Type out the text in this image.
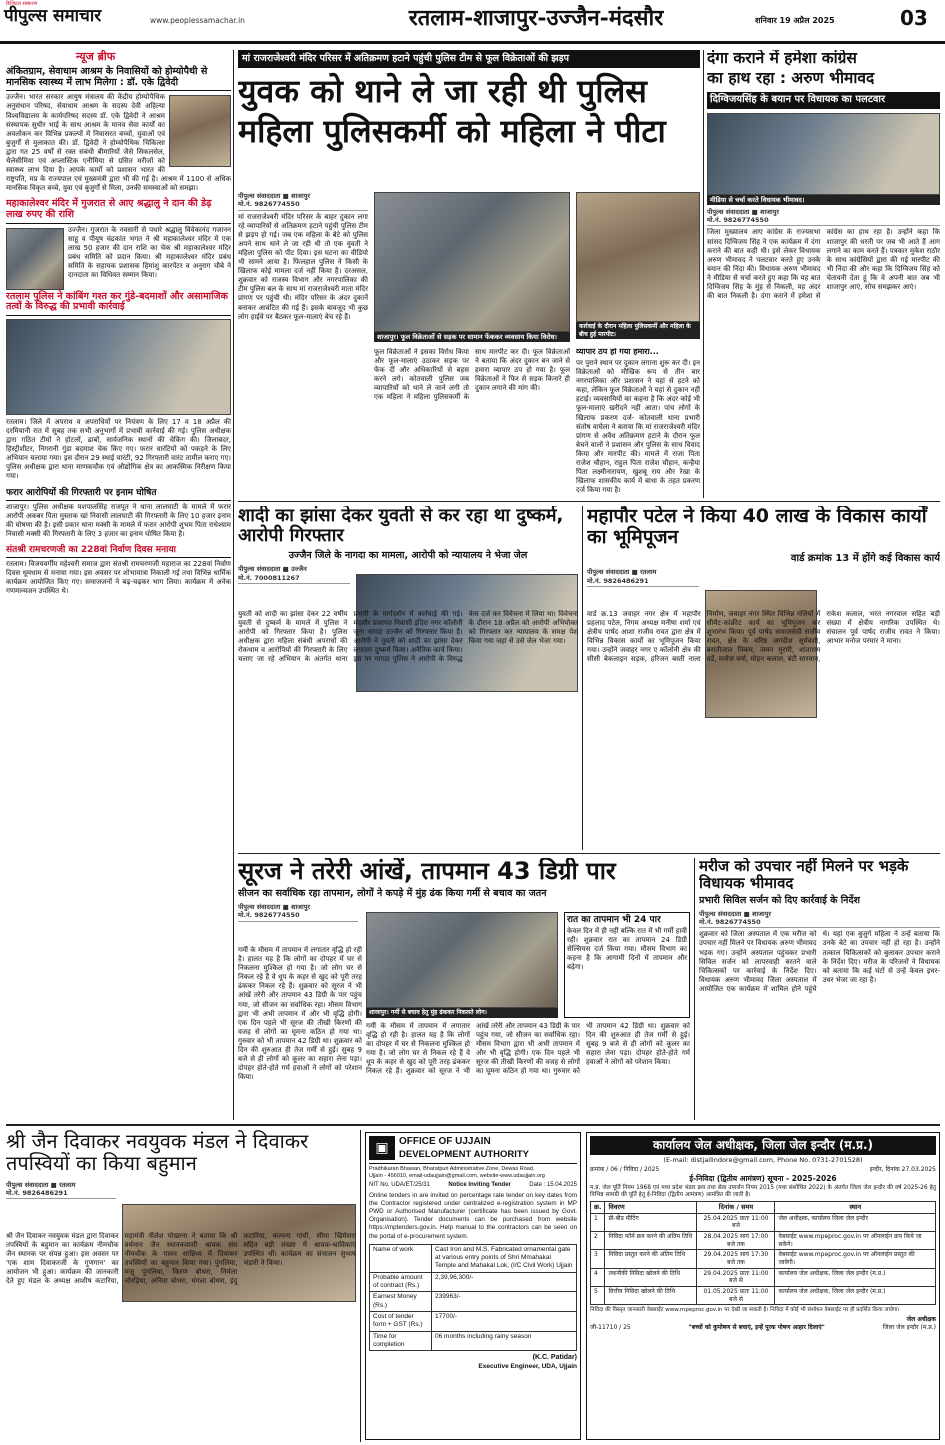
पीपुल्स समाचार
डिजिटल संस्करण
www.peoplessamachar.in	रतलाम-शाजापुर-उज्जैन-मंदसौर	शनिवार 19 अप्रैल 2025	03
न्यूज ब्रीफ
अंकितग्राम, सेवाधाम आश्रम के निवासियों को होम्योपैथी से मानसिक स्वास्थ्य में लाभ मिलेगा : डॉ. एके द्विवेदी
उज्जैन। भारत सरकार आयुष मंत्रालय की केंद्रीय होम्योपैथिक अनुसंधान परिषद, सेवाधाम आश्रम के सदस्य देवी अहिल्या विश्वविद्यालय के कार्यपरिषद सदस्य डॉ. एके द्विवेदी ने आश्रम संस्थापक सुधीर भाई के साथ आश्रम के मानव सेवा कार्यों का अवलोकन कर विभिन्न प्रकल्पों में निवासरत बच्चों, युवाओं एवं बुजुर्गों से मुलाकात की। डॉ. द्विवेदी ने होम्योपैथिक चिकित्सा द्वारा गत 25 वर्षों से रक्त संबंधी बीमारियों जैसे सिकलसेल, थैलेसीमिया एवं अप्लास्टिक एनीमिया से ग्रसित मरीजों को स्वास्थ्य लाभ दिया है। आपके कार्यों को प्रशासन भारत की राष्ट्रपति, मप्र के राज्यपाल एवं मुख्यमंत्री द्वारा भी की गई है। आश्रम में 1100 से अधिक मानसिक विकृत बच्चे, युवा एवं बुजुर्गों से मिला, उनकी समस्याओं को समझा।
महाकालेश्वर मंदिर में गुजरात से आए श्रद्धालु ने दान की डेढ़ लाख रुपए की राशि
उज्जैन। गुजरात के नवसारी से पधारे श्रद्धालु विवेकानंद गजानन साहू व पीयूष चंद्रकांत भगत ने श्री महाकालेश्वर मंदिर में एक लाख 50 हजार की दान राशि का चेक श्री महाकालेश्वर मंदिर प्रबंध समिति को प्रदान किया। श्री महाकालेश्वर मंदिर प्रबंध समिति के सहायक प्रशासक हिमांशु कारपेंटर व अनुराग चौबे ने दानदाता का विधिवत सम्मान किया।
रतलाम पुलिस ने कांबिंग गश्त कर गुंडे-बदमाशों और असामाजिक तत्वों के विरुद्ध की प्रभावी कार्रवाई
रतलाम। जिले में अपराध व अपराधियों पर नियंत्रण के लिए 17 व 18 अप्रैल की दरमियानी रात में सुबह तक सभी अनुभागों में प्रभावी कार्रवाई की गई। पुलिस अधीक्षक द्वारा गठित टीमों ने होटलों, ढाबों, सार्वजनिक स्थानों की चेकिंग की। जिलाबदर, हिस्ट्रीशीटर, निगरानी गुंडा बदमाश चेक किए गए। फरार वारंटियों को पकड़ने के लिए अभियान चलाया गया। इस दौरान 29 स्थाई वारंटी, 92 गिरफ्तारी वारंट तामील कराए गए। पुलिस अधीक्षक द्वारा थाना माणकचौक एवं औद्योगिक क्षेत्र का आकस्मिक निरीक्षण किया गया।
फरार आरोपियों की गिरफ्तारी पर इनाम घोषित
शाजापुर। पुलिस अधीक्षक यशपालसिंह राजपूत ने थाना लालघाटी के मामले में फरार आरोपी अकबर पिता मुस्ताक खां निवासी लालघाटी की गिरफ्तारी के लिए 10 हजार इनाम की घोषणा की है। इसी प्रकार थाना मक्सी के मामले में फरार आरोपी शुभम पिता राधेश्याम निवासी मक्सी की गिरफ्तारी के लिए 3 हजार का इनाम घोषित किया है।
संतश्री रामचरणजी का 228वां निर्वाण दिवस मनाया
रतलाम। विजयवर्गीय महेश्वरी समाज द्वारा संतश्री रामचरणजी महाराज का 228वां निर्वाण दिवस धूमधाम से मनाया गया। इस अवसर पर शोभायात्रा निकाली गई तथा विभिन्न धार्मिक कार्यक्रम आयोजित किए गए। समाजजनों ने बढ़-चढ़कर भाग लिया। कार्यक्रम में अनेक गणमान्यजन उपस्थित थे।
मां राजराजेश्वरी मंदिर परिसर में अतिक्रमण हटाने पहुंची पुलिस टीम से फूल विक्रेताओं की झड़प
युवक को थाने ले जा रही थी पुलिस
महिला पुलिसकर्मी को महिला ने पीटा
पीपुल्स संवाददाता ■ शाजापुर
मो.नं. 9826774550
मां राजराजेश्वरी मंदिर परिसर के बाहर दुकान लगा रहे व्यापारियों से अतिक्रमण हटाने पहुंची पुलिस टीम से झड़प हो गई। जब एक महिला के बेटे को पुलिस अपने साथ थाने ले जा रही थी तो एक युवती ने महिला पुलिस को पीट दिया। इस घटना का वीडियो भी सामने आया है। फिलहाल पुलिस ने किसी के खिलाफ कोई मामला दर्ज नहीं किया है। दरअसल, शुक्रवार को राजस्व विभाग और नगरपालिका की टीम पुलिस बल के साथ मां राजराजेश्वरी माता मंदिर प्रांगण पर पहुंची थी। मंदिर परिसर के अंदर दुकानें बनाकर आवंटित की गई हैं। इसके बावजूद भी कुछ लोग हाईवे पर बैठकर फूल-मालाएं बेच रहे हैं।
शाजापुर। फूल विक्रेताओं से सड़क पर सामान फेंककर व्यवसाय किया विरोध।
फूल विक्रेताओं ने इसका विरोध किया और फूल-मालाएं उठाकर सड़क पर फेंक दीं और अधिकारियों से बहस करने लगे। कोतवाली पुलिस जब व्यापारियों को थाने ले जाने लगी तो एक महिला ने महिला पुलिसकर्मी के साथ मारपीट कर दी। फूल विक्रेताओं ने बताया कि अंदर दुकान बन जाने से हमारा व्यापार ठप हो गया है। फूल विक्रेताओं ने फिर से सड़क किनारे ही दुकान लगाने की मांग की।
कार्रवाई के दौरान महिला पुलिसकर्मी और महिला के बीच हुई मारपीट।
व्यापार ठप हो गया हमारा...
पर पुराने स्थान पर दुकान लगाना शुरू कर दी। इन विक्रेताओं को मौखिक रूप से तीन बार नगरपालिका और प्रशासन ने यहां से हटने को कहा, लेकिन फूल विक्रेताओं ने यहां से दुकान नहीं हटाई। व्यवसायियों का कहना है कि अंदर कोई भी फूल-मालाएं खरीदने नहीं आता। पांच लोगों के खिलाफ प्रकरण दर्ज- कोतवाली थाना प्रभारी संतोष वाघेला ने बताया कि मां राजराजेश्वरी मंदिर प्रांगण से अवैध अतिक्रमण हटाने के दौरान फूल बेचने वालों ने प्रशासन और पुलिस के साथ विवाद किया और मारपीट की। मामले में राजा पिता राजेश चौहान, राहुल पिता राजेश चौहान, कन्हैया पिता लक्ष्मीनारायण, खुशबू राय और रेखा के खिलाफ शासकीय कार्य में बाधा के तहत प्रकरण दर्ज किया गया है।
दंगा कराने में हमेशा कांग्रेस
का हाथ रहा : अरुण भीमावद
दिग्विजयसिंह के बयान पर विधायक का पलटवार
मीडिया से चर्चा करते विधायक भीमावद।
पीपुल्स संवाददाता ■ शाजापुर
मो.नं. 9826774550
जिला मुख्यालय आए कांग्रेस के राज्यसभा सांसद दिग्विजय सिंह ने एक कार्यक्रम में दंगा कराने की बात कही थी। इसे लेकर विधायक अरुण भीमावद ने पलटवार करते हुए उनके बयान की निंदा की। विधायक अरुण भीमावद ने मीडिया से चर्चा करते हुए कहा कि यह बात दिग्विजय सिंह के मुंह से निकली, यह अंदर की बात निकली है। दंगा कराने में हमेशा से कांग्रेस का हाथ रहा है। उन्होंने कहा कि शाजापुर की धरती पर जब भी आते हैं आग लगाने का काम करते हैं। पत्रकार मुकेश राठौर के साथ कांग्रेसियों द्वारा की गई मारपीट की भी निंदा की और कहा कि दिग्विजय सिंह को चेतावनी देता हूं कि वे अपनी बात जब भी शाजापुर आएं, सोच समझकर आएं।
शादी का झांसा देकर युवती से कर रहा था दुष्कर्म, आरोपी गिरफ्तार
उज्जैन जिले के नागदा का मामला, आरोपी को न्यायालय ने भेजा जेल
पीपुल्स संवाददाता ■ उज्जैन
मो.नं. 7000811267
युवती को शादी का झांसा देकर 22 वर्षीय युवती से दुष्कर्म के मामले में पुलिस ने आरोपी को गिरफ्तार किया है। पुलिस अधीक्षक द्वारा महिला संबंधी अपराधों की रोकथाम व आरोपियों की गिरफ्तारी के लिए चलाए जा रहे अभियान के अंतर्गत थाना प्रभारी के मार्गदर्शन में कार्रवाई की गई। मंदसौर प्रजापत निवासी इंदिरा नगर कॉलोनी जूना नागदा उज्जैन को गिरफ्तार किया है। आरोपी ने युवती को शादी का झांसा देकर लगातार दुष्कर्म किया। अनैतिक कार्य किया। इस पर नागदा पुलिस ने आरोपी के विरुद्ध केस दर्ज कर विवेचना में लिया था। विवेचना के दौरान 18 अप्रैल को आरोपी अभियोक्त को गिरफ्तार कर न्यायालय के समक्ष पेश किया गया जहां से उसे जेल भेजा गया।
महापौर पटेल ने किया 40 लाख के विकास कार्यों का भूमिपूजन
वार्ड क्रमांक 13 में होंगे कई विकास कार्य
पीपुल्स संवाददाता ■ रतलाम
मो.नं. 9826486291
वार्ड क्र.13 जवाहर नगर क्षेत्र में महापौर प्रहलाद पटेल, निगम अध्यक्ष मनीषा शर्मा एवं क्षेत्रीय पार्षद आशा राजीव रावत द्वारा क्षेत्र में विभिन्न विकास कार्यों का भूमिपूजन किया गया। उन्होंने जवाहर नगर ए कॉलोनी क्षेत्र की सीसी बेकलाइन सड़क, हरिजन बस्ती नाला निर्माण, जवाहर नगर स्थित विभिन्न गलियों में सीमेंट-कांक्रीट कार्य का भूमिपूजन कर शुभारंभ किया। पूर्व पार्षद समाजसेवी राजीव रावत, क्षेत्र के वरिष्ठ जगदीश सूर्यवंशी, बसंतीलाल निकम, जमन मुरारी, शांताराम वर्डे, मनोज वर्मा, मोहन कलाल, बंटी सारवान, राकेश कलाल, भरत नगरवाल सहित बड़ी संख्या में क्षेत्रीय नागरिक उपस्थित थे। संचालन पूर्व पार्षद राजीव रावत ने किया। आभार मनोज परमार ने माना।
सूरज ने तरेरी आंखें, तापमान 43 डिग्री पार
सीजन का सर्वाधिक रहा तापमान, लोगों ने कपड़े में मुंह ढंक किया गर्मी से बचाव का जतन
पीपुल्स संवाददाता ■ शाजापुर
मो.नं. 9826774550
शाजापुर। गर्मी से बचाव हेतु मुंह ढंककर निकलते लोग।
रात का तापमान भी 24 पार
केवल दिन में ही नहीं बल्कि रात में भी गर्मी हावी रही। शुक्रवार रात का तापमान 24 डिग्री सेल्सियस दर्ज किया गया। मौसम विभाग का कहना है कि आगामी दिनों में तापमान और बढ़ेगा।
गर्मी के मौसम में तापमान में लगातार वृद्धि हो रही है। हालत यह है कि लोगों का दोपहर में घर से निकलना मुश्किल हो गया है। जो लोग घर से निकल रहे हैं वे धूप के कहर से खुद को पूरी तरह ढंककर निकल रहे हैं। शुक्रवार को सूरज ने भी आंखें तरेरी और तापमान 43 डिग्री के पार पहुंच गया, जो सीजन का सर्वाधिक रहा। मौसम विभाग द्वारा भी अभी तापमान में और भी वृद्धि होगी। एक दिन पहले भी सूरज की तीखी किरणों की वजह से लोगों का घूमना कठिन हो गया था। गुरुवार को भी तापमान 42 डिग्री था। शुक्रवार को दिन की शुरुआत ही तेज गर्मी से हुई। सुबह 9 बजे से ही लोगों को कूलर का सहारा लेना पड़ा। दोपहर होते-होते गर्म हवाओं ने लोगों को परेशान किया।
गर्मी के मौसम में तापमान में लगातार वृद्धि हो रही है। हालत यह है कि लोगों का दोपहर में घर से निकलना मुश्किल हो गया है। जो लोग घर से निकल रहे हैं वे धूप के कहर से खुद को पूरी तरह ढंककर निकल रहे हैं। शुक्रवार को सूरज ने भी आंखें तरेरी और तापमान 43 डिग्री के पार पहुंच गया, जो सीजन का सर्वाधिक रहा। मौसम विभाग द्वारा भी अभी तापमान में और भी वृद्धि होगी। एक दिन पहले भी सूरज की तीखी किरणों की वजह से लोगों का घूमना कठिन हो गया था। गुरुवार को भी तापमान 42 डिग्री था। शुक्रवार को दिन की शुरुआत ही तेज गर्मी से हुई। सुबह 9 बजे से ही लोगों को कूलर का सहारा लेना पड़ा। दोपहर होते-होते गर्म हवाओं ने लोगों को परेशान किया।
मरीज को उपचार नहीं मिलने पर भड़के विधायक भीमावद
प्रभारी सिविल सर्जन को दिए कार्रवाई के निर्देश
पीपुल्स संवाददाता ■ शाजापुर
मो.नं. 9826774550
शुक्रवार को जिला अस्पताल में एक मरीज को उपचार नहीं मिलने पर विधायक अरुण भीमावद भड़क गए। उन्होंने अस्पताल पहुंचकर प्रभारी सिविल सर्जन को लापरवाही बरतने वाले चिकित्सकों पर कार्रवाई के निर्देश दिए। विधायक अरुण भीमावद जिला अस्पताल में आयोजित एक कार्यक्रम में शामिल होने पहुंचे थे। यहां एक बुजुर्ग महिला ने उन्हें बताया कि उनके बेटे का उपचार नहीं हो रहा है। उन्होंने तत्काल चिकित्सकों को बुलाकर उपचार कराने के निर्देश दिए। मरीज के परिजनों ने विधायक को बताया कि कई घंटों से उन्हें केवल इधर-उधर भेजा जा रहा है।
श्री जैन दिवाकर नवयुवक मंडल ने दिवाकर तपस्वियों का किया बहुमान
पीपुल्स संवाददाता ■ रतलाम
मो.नं. 9826486291
श्री जैन दिवाकर नवयुवक मंडल द्वारा दिवाकर तपस्वियों के बहुमान का कार्यक्रम नीमचौक जैन स्थानक पर संपन्न हुआ। इस अवसर पर 'एक शाम दिवाकरजी के गुणगान' का आयोजन भी हुआ। कार्यक्रम की जानकारी देते हुए मंडल के अध्यक्ष आशीष कटारिया, महामंत्री नीलेश पोखरना ने बताया कि श्री वर्धमान जैन स्थानकवासी श्रावक संघ नीमचौक के पावन सान्निध्य में दिवाकर तपस्वियों का बहुमान किया गया। पुंगलिया, मंजू पुंगलिया, किरण बोथरा, निर्मला चोरड़िया, अनिता बोथरा, मंगला बोथरा, इंदु कटारिया, कल्पना गांधी, सीमा खिमेसरा सहित बड़ी संख्या में श्रावक-श्राविकाएं उपस्थित थीं। कार्यक्रम का संचालन सुभाष भंडारी ने किया।
▣	OFFICE OF UJJAIN
DEVELOPMENT AUTHORITY
Pradhikaran Bhawan, Bharatpuri Administrative Zone, Dewas Road,
Ujjain - 456010, email-udaujjain@gmail.com, website-www.udaujjain.org
NIT No. UDA/ET/25/31	Notice Inviting Tender	Date : 15.04.2025
Online tenders in are invited on percentage rate tender on key dates from the Contractor registered under centralized e-registration system in MP PWD or Authorised Manufacturer (certificate has been issued by Govt. Organisation). Tender documents can be purchased from website https://mptenders.gov.in. Help manual to the contractors can be seen on the portal of e-procurement system.
Name of work	Cast Iron and M.S. Fabricated ornamental gate at various entry points of Shri Mmahakal Temple and Mahakal Lok, (I/C Civil Work) Ujjain
Probable amount of contract (Rs.)	2,39,96,300/-
Earnest Money (Rs.)	239963/-
Cost of tender form + GST (Rs.)	17700/-
Time for completion	06 months including rainy season
(K.C. Patidar)
Executive Engineer, UDA, Ujjain
कार्यालय जेल अधीक्षक, जिला जेल इन्दौर (म.प्र.)
(E-mail: distjailindore@gmail.com, Phone No. 0731-2701528)
क्रमांक / 06 / निविदा / 2025	इन्दौर, दिनांक 27.03.2025
ई-निविदा (द्वितीय आमंत्रण) सूचना - 2025-2026
म.प्र. जेल पूर्ति नियम 1968 एवं मध्य प्रदेश भंडार क्रय तथा सेवा उपार्जन नियम 2015 (यथा संशोधित 2022) के अंतर्गत जिला जेल इन्दौर की वर्ष 2025-26 हेतु विभिन्न सामग्री की पूर्ति हेतु ई-निविदा (द्वितीय आमंत्रण) आमंत्रित की जाती है।
क्र.	विवरण	दिनांक / समय	स्थान
1	प्री-बीड मीटिंग	25.04.2025 प्रातः 11:00 बजे	जेल अधीक्षक, कार्यालय जिला जेल इन्दौर
2	निविदा फॉर्म क्रय करने की अंतिम तिथि	28.04.2025 सायं 17:00 बजे तक	वेबसाईट www.mpeproc.gov.in पर ऑनलाईन क्रय किये जा सकेंगे।
3	निविदा प्रस्तुत करने की अंतिम तिथि	29.04.2025 सायं 17:30 बजे तक	वेबसाईट www.mpeproc.gov.in पर ऑनलाईन प्रस्तुत की जावेगी।
4	तकनीकी निविदा खोलने की तिथि	29.04.2025 प्रातः 11:00 बजे से	कार्यालय जेल अधीक्षक, जिला जेल इन्दौर (म.प्र.)
5	वित्तीय निविदा खोलने की तिथि	01.05.2025 प्रातः 11:00 बजे से	कार्यालय जेल अधीक्षक, जिला जेल इन्दौर (म.प्र.)
निविदा की विस्तृत जानकारी वेबसाईट www.mpeproc.gov.in पर देखी जा सकती है। निविदा में कोई भी संशोधन वेबसाईट पर ही प्रदर्शित किया जावेगा।
जी-11710 / 25	"बच्चों को कुपोषण से बचाएं, इन्हें पूरक पोषण आहार दिलाएं"
जेल अधीक्षक
जिला जेल इन्दौर (म.प्र.)
